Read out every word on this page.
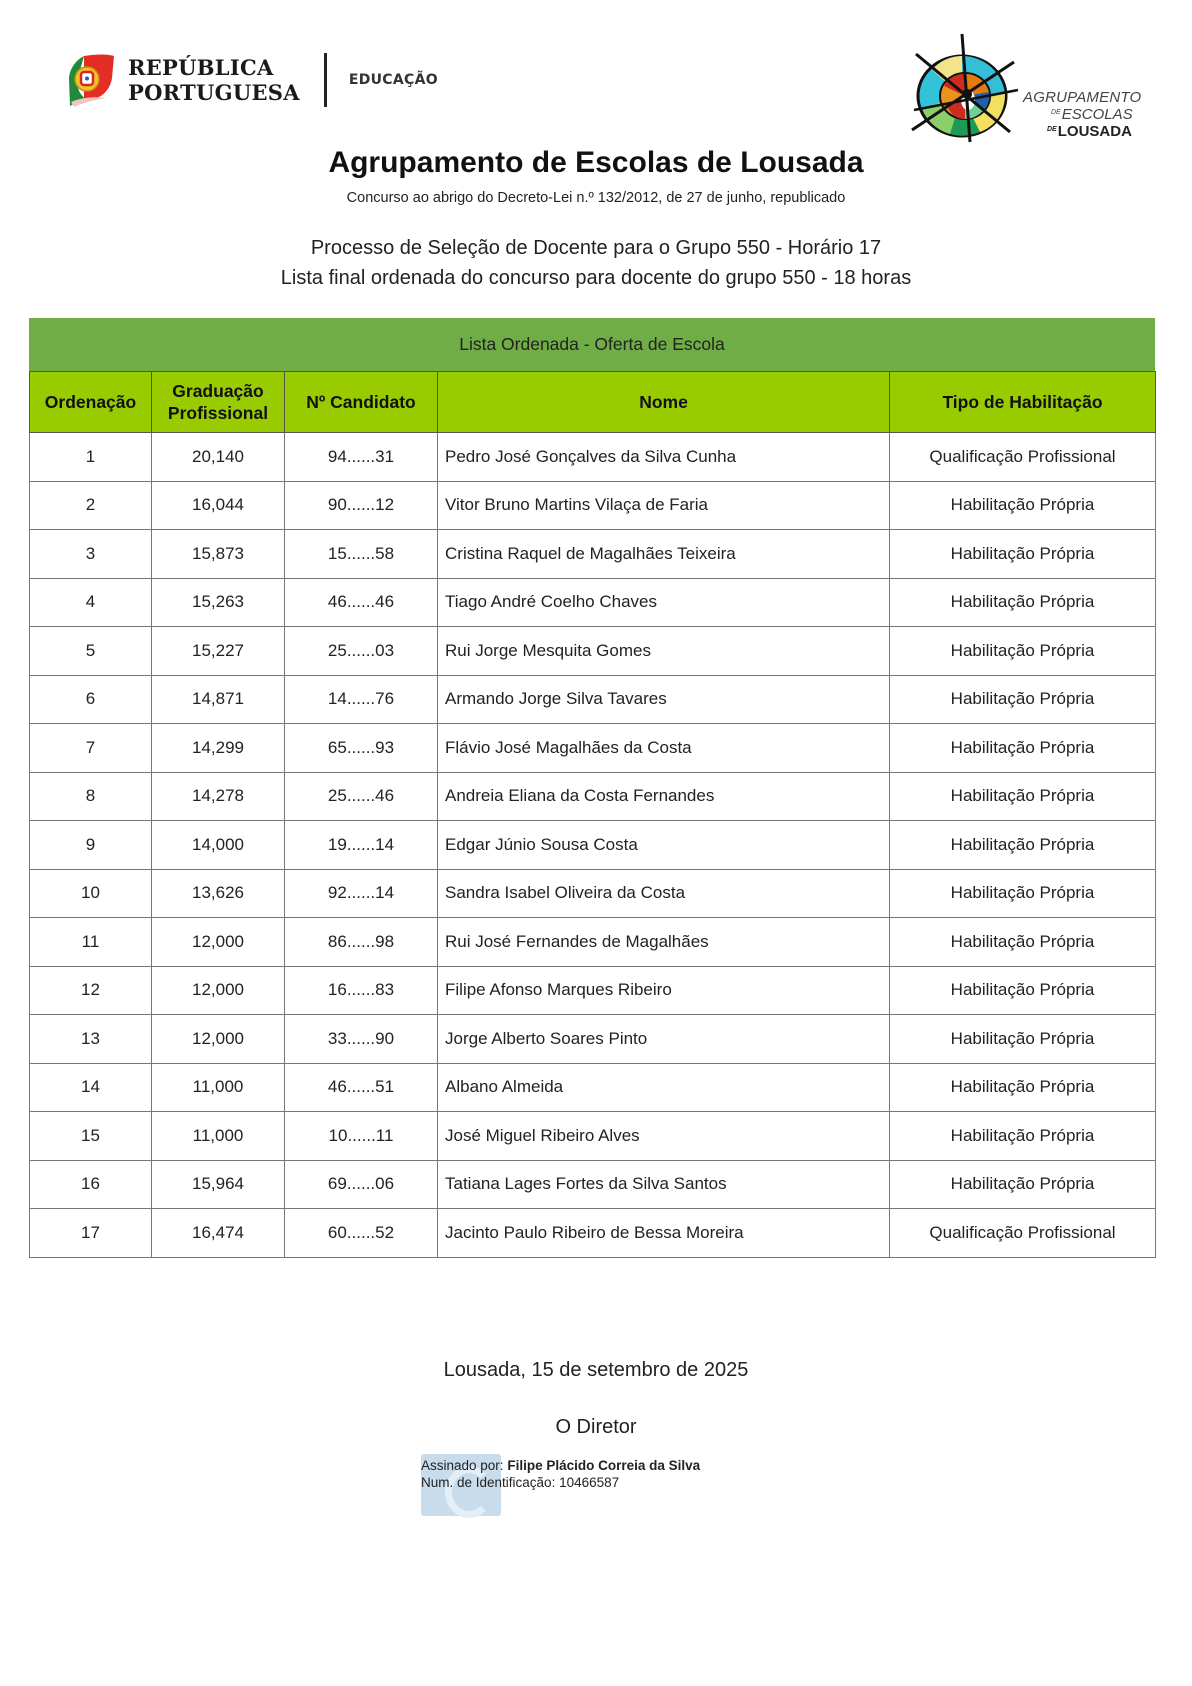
REPÚBLICA
PORTUGUESA	EDUCAÇÃO
AGRUPAMENTO
$^{DE}$ESCOLAS
$^{DE}$LOUSADA
Agrupamento de Escolas de Lousada
Concurso ao abrigo do Decreto-Lei n.º 132/2012, de 27 de junho, republicado
Processo de Seleção de Docente para o Grupo 550 - Horário 17
Lista final ordenada do concurso para docente do grupo 550 - 18 horas
Lista Ordenada - Oferta de Escola
Ordenação	Graduação Profissional	Nº Candidato	Nome	Tipo de Habilitação
1	20,140	94......31	Pedro José Gonçalves da Silva Cunha	Qualificação Profissional
2	16,044	90......12	Vitor Bruno Martins Vilaça de Faria	Habilitação Própria
3	15,873	15......58	Cristina Raquel de Magalhães Teixeira	Habilitação Própria
4	15,263	46......46	Tiago André Coelho Chaves	Habilitação Própria
5	15,227	25......03	Rui Jorge Mesquita Gomes	Habilitação Própria
6	14,871	14......76	Armando Jorge Silva Tavares	Habilitação Própria
7	14,299	65......93	Flávio José Magalhães da Costa	Habilitação Própria
8	14,278	25......46	Andreia Eliana da Costa Fernandes	Habilitação Própria
9	14,000	19......14	Edgar Júnio Sousa Costa	Habilitação Própria
10	13,626	92......14	Sandra Isabel Oliveira da Costa	Habilitação Própria
11	12,000	86......98	Rui José Fernandes de Magalhães	Habilitação Própria
12	12,000	16......83	Filipe Afonso Marques Ribeiro	Habilitação Própria
13	12,000	33......90	Jorge Alberto Soares Pinto	Habilitação Própria
14	11,000	46......51	Albano Almeida	Habilitação Própria
15	11,000	10......11	José Miguel Ribeiro Alves	Habilitação Própria
16	15,964	69......06	Tatiana Lages Fortes da Silva Santos	Habilitação Própria
17	16,474	60......52	Jacinto Paulo Ribeiro de Bessa Moreira	Qualificação Profissional
Lousada, 15 de setembro de 2025
O Diretor
Assinado por: Filipe Plácido Correia da Silva
Num. de Identificação: 10466587
